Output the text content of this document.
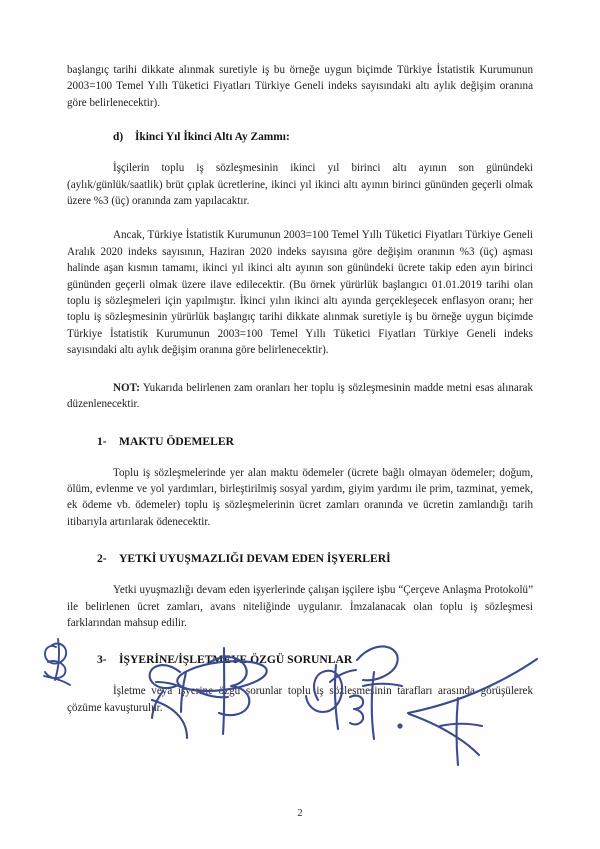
başlangıç tarihi dikkate alınmak suretiyle iş bu örneğe uygun biçimde Türkiye İstatistik Kurumunun 2003=100 Temel Yıllı Tüketici Fiyatları Türkiye Geneli indeks sayısındaki altı aylık değişim oranına göre belirlenecektir).

d) İkinci Yıl İkinci Altı Ay Zammı:

İşçilerin toplu iş sözleşmesinin ikinci yıl birinci altı ayının son günündeki (aylık/günlük/saatlik) brüt çıplak ücretlerine, ikinci yıl ikinci altı ayının birinci gününden geçerli olmak üzere %3 (üç) oranında zam yapılacaktır.

Ancak, Türkiye İstatistik Kurumunun 2003=100 Temel Yıllı Tüketici Fiyatları Türkiye Geneli Aralık 2020 indeks sayısının, Haziran 2020 indeks sayısına göre değişim oranının %3 (üç) aşması halinde aşan kısmın tamamı, ikinci yıl ikinci altı ayının son günündeki ücrete takip eden ayın birinci gününden geçerli olmak üzere ilave edilecektir. (Bu örnek yürürlük başlangıcı 01.01.2019 tarihi olan toplu iş sözleşmeleri için yapılmıştır. İkinci yılın ikinci altı ayında gerçekleşecek enflasyon oranı; her toplu iş sözleşmesinin yürürlük başlangıç tarihi dikkate alınmak suretiyle iş bu örneğe uygun biçimde Türkiye İstatistik Kurumunun 2003=100 Temel Yıllı Tüketici Fiyatları Türkiye Geneli indeks sayısındaki altı aylık değişim oranına göre belirlenecektir).

NOT: Yukarıda belirlenen zam oranları her toplu iş sözleşmesinin madde metni esas alınarak düzenlenecektir.

1- MAKTU ÖDEMELER

Toplu iş sözleşmelerinde yer alan maktu ödemeler (ücrete bağlı olmayan ödemeler; doğum, ölüm, evlenme ve yol yardımları, birleştirilmiş sosyal yardım, giyim yardımı ile prim, tazminat, yemek, ek ödeme vb. ödemeler) toplu iş sözleşmelerinin ücret zamları oranında ve ücretin zamlandığı tarih itibarıyla artırılarak ödenecektir.

2- YETKİ UYUŞMAZLIĞI DEVAM EDEN İŞYERLERİ

Yetki uyuşmazlığı devam eden işyerlerinde çalışan işçilere işbu “Çerçeve Anlaşma Protokolü” ile belirlenen ücret zamları, avans niteliğinde uygulanır. İmzalanacak olan toplu iş sözleşmesi farklarından mahsup edilir.

3- İŞYERİNE/İŞLETMEYE ÖZGÜ SORUNLAR

İşletme veya işyerine özgü sorunlar toplu iş sözleşmesinin tarafları arasında görüşülerek çözüme kavuşturulur.

2
